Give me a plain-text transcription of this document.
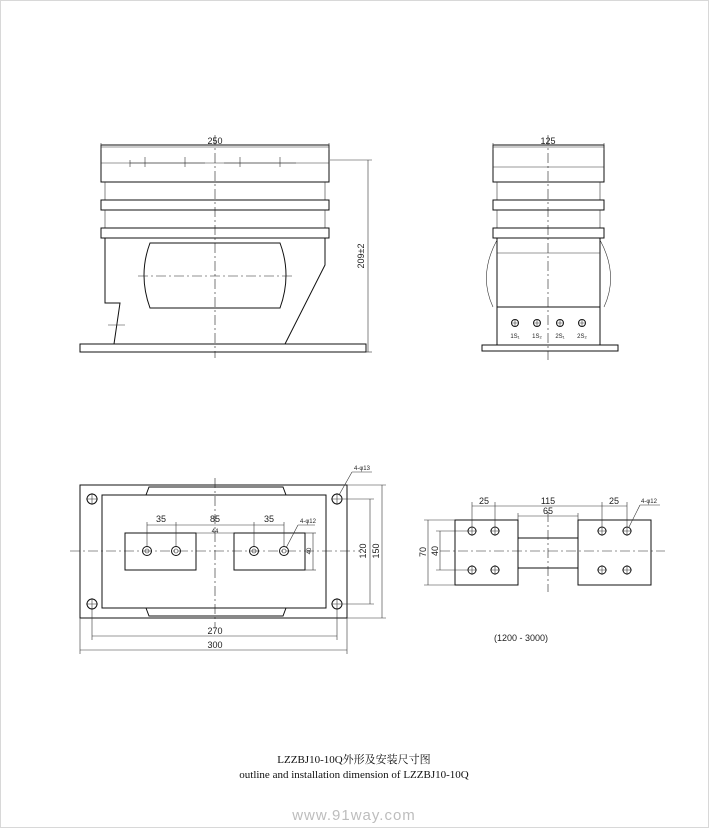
250
209±2
1S₁ 1S₂ 2S₁ 2S₂
125
35	85	35
44
4-φ12
40
4-φ13
120 150
270
300
25	115	25
65
4-φ12
70 40
(1200 - 3000)
LZZBJ10-10Q外形及安装尺寸图
outline and installation dimension of LZZBJ10-10Q
www.91way.com
